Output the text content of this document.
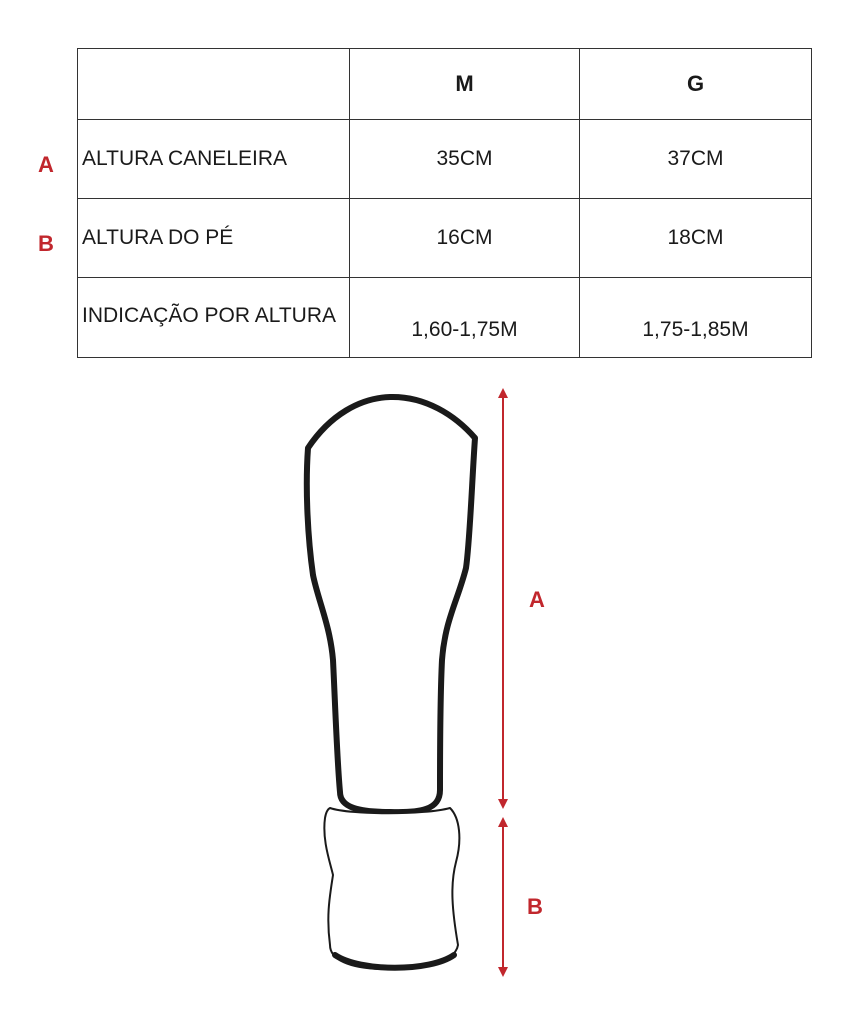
A
B
	M	G
ALTURA CANELEIRA	35CM	37CM
ALTURA DO PÉ	16CM	18CM
INDICAÇÃO POR ALTURA	1,60-1,75M	1,75-1,85M
A
B
